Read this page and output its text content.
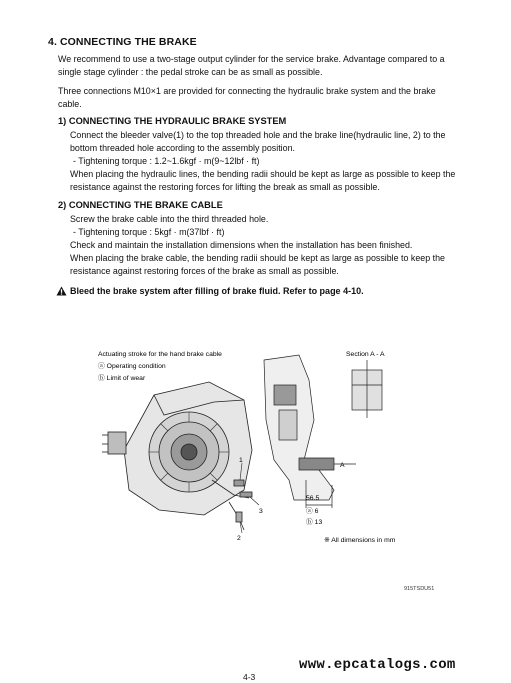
4. CONNECTING THE BRAKE

We recommend to use a two-stage output cylinder for the service brake. Advantage compared to a single stage cylinder : the pedal stroke can be as small as possible.

Three connections M10×1 are provided for connecting the hydraulic brake system and the brake cable.

1) CONNECTING THE HYDRAULIC BRAKE SYSTEM

Connect the bleeder valve(1) to the top threaded hole and the brake line(hydraulic line, 2) to the bottom threaded hole according to the assembly position.

- Tightening torque : 1.2~1.6kgf · m(9~12lbf · ft)

When placing the hydraulic lines, the bending radii should be kept as large as possible to keep the resistance against the restoring forces for lifting the break as small as possible.

2) CONNECTING THE BRAKE CABLE

Screw the brake cable into the third threaded hole.

- Tightening torque : 5kgf · m(37lbf · ft)

Check and maintain the installation dimensions when the installation has been finished.

When placing the brake cable, the bending radii should be kept as large as possible to keep the resistance against restoring forces of the brake as small as possible.

Bleed the brake system after filling of brake fluid. Refer to page 4-10.
Actuating stroke for the hand brake cable
ⓐ Operating condition
ⓑ Limit of wear
1
3
2
Section A - A
A
56.5
ⓐ 6
ⓑ 13
※ All dimensions in mm
915TSDU51
www.epcatalogs.com
4-3
